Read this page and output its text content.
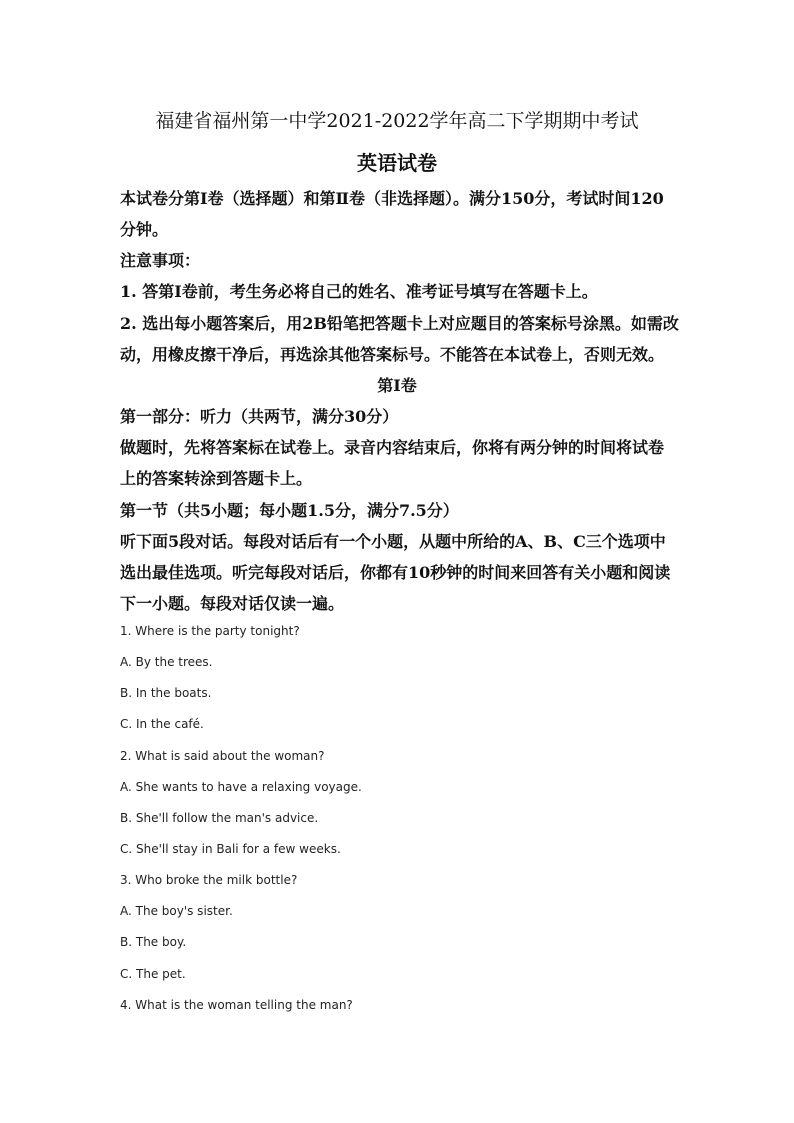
福建省福州第一中学2021-2022学年高二下学期期中考试
英语试卷
本试卷分第Ⅰ卷（选择题）和第Ⅱ卷（非选择题）。满分150分，考试时间120
分钟。
注意事项：
1. 答第Ⅰ卷前，考生务必将自己的姓名、准考证号填写在答题卡上。
2. 选出每小题答案后，用2B铅笔把答题卡上对应题目的答案标号涂黑。如需改
动，用橡皮擦干净后，再选涂其他答案标号。不能答在本试卷上，否则无效。
第Ⅰ卷
第一部分：听力（共两节，满分30分）
做题时，先将答案标在试卷上。录音内容结束后，你将有两分钟的时间将试卷
上的答案转涂到答题卡上。
第一节（共5小题；每小题1.5分，满分7.5分）
听下面5段对话。每段对话后有一个小题，从题中所给的A、B、C三个选项中
选出最佳选项。听完每段对话后，你都有10秒钟的时间来回答有关小题和阅读
下一小题。每段对话仅读一遍。
1. Where is the party tonight?
A. By the trees.
B. In the boats.
C. In the café.
2. What is said about the woman?
A. She wants to have a relaxing voyage.
B. She'll follow the man's advice.
C. She'll stay in Bali for a few weeks.
3. Who broke the milk bottle?
A. The boy's sister.
B. The boy.
C. The pet.
4. What is the woman telling the man?
